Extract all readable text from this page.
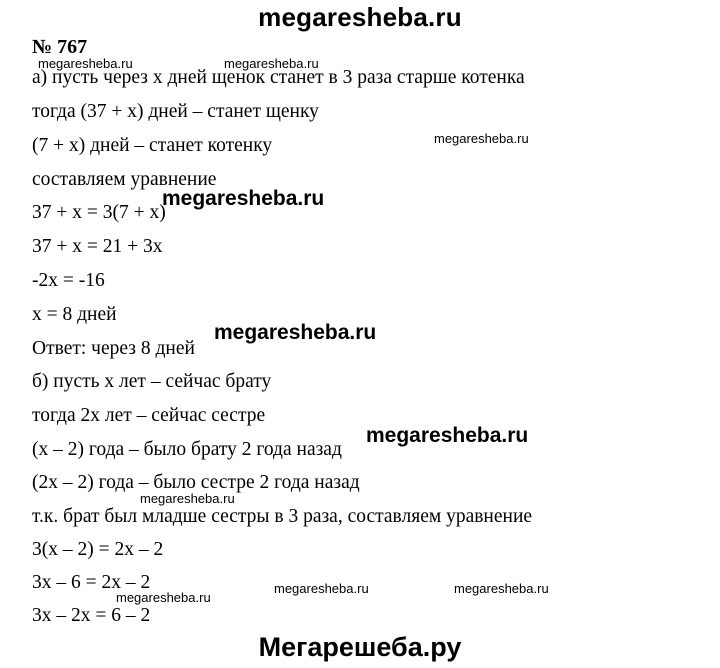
megaresheba.ru
№ 767
а) пусть через х дней щенок станет в 3 раза старше котенка
тогда (37 + х) дней – станет щенку
(7 + х) дней – станет котенку
составляем уравнение
37 + х = 3(7 + х)
37 + х = 21 + 3х
-2х = -16
х = 8 дней
Ответ: через 8 дней
б) пусть х лет – сейчас брату
тогда 2х лет – сейчас сестре
(х – 2) года – было брату 2 года назад
(2х – 2) года – было сестре 2 года назад
т.к. брат был младше сестры в 3 раза, составляем уравнение
3(х – 2) = 2х – 2
3х – 6 = 2х – 2
3х – 2х = 6 – 2
megaresheba.ru	megaresheba.ru
megaresheba.ru
megaresheba.ru
megaresheba.ru	megaresheba.ru
megaresheba.ru
megaresheba.ru
megaresheba.ru
megaresheba.ru
Мегарешеба.ру
